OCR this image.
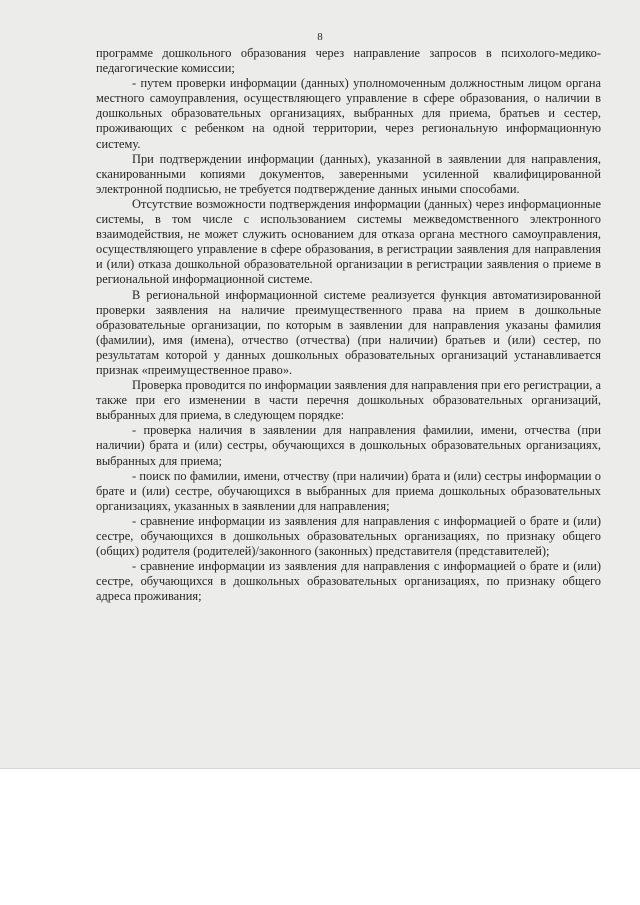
8

программе дошкольного образования через направление запросов в психолого-медико-педагогические комиссии;

- путем проверки информации (данных) уполномоченным должностным лицом органа местного самоуправления, осуществляющего управление в сфере образования, о наличии в дошкольных образовательных организациях, выбранных для приема, братьев и сестер, проживающих с ребенком на одной территории, через региональную информационную систему.

При подтверждении информации (данных), указанной в заявлении для направления, сканированными копиями документов, заверенными усиленной квалифицированной электронной подписью, не требуется подтверждение данных иными способами.

Отсутствие возможности подтверждения информации (данных) через информационные системы, в том числе с использованием системы межведомственного электронного взаимодействия, не может служить основанием для отказа органа местного самоуправления, осуществляющего управление в сфере образования, в регистрации заявления для направления и (или) отказа дошкольной образовательной организации в регистрации заявления о приеме в региональной информационной системе.

В региональной информационной системе реализуется функция автоматизированной проверки заявления на наличие преимущественного права на прием в дошкольные образовательные организации, по которым в заявлении для направления указаны фамилия (фамилии), имя (имена), отчество (отчества) (при наличии) братьев и (или) сестер, по результатам которой у данных дошкольных образовательных организаций устанавливается признак «преимущественное право».

Проверка проводится по информации заявления для направления при его регистрации, а также при его изменении в части перечня дошкольных образовательных организаций, выбранных для приема, в следующем порядке:

- проверка наличия в заявлении для направления фамилии, имени, отчества (при наличии) брата и (или) сестры, обучающихся в дошкольных образовательных организациях, выбранных для приема;

- поиск по фамилии, имени, отчеству (при наличии) брата и (или) сестры информации о брате и (или) сестре, обучающихся в выбранных для приема дошкольных образовательных организациях, указанных в заявлении для направления;

- сравнение информации из заявления для направления с информацией о брате и (или) сестре, обучающихся в дошкольных образовательных организациях, по признаку общего (общих) родителя (родителей)/законного (законных) представителя (представителей);

- сравнение информации из заявления для направления с информацией о брате и (или) сестре, обучающихся в дошкольных образовательных организациях, по признаку общего адреса проживания;
